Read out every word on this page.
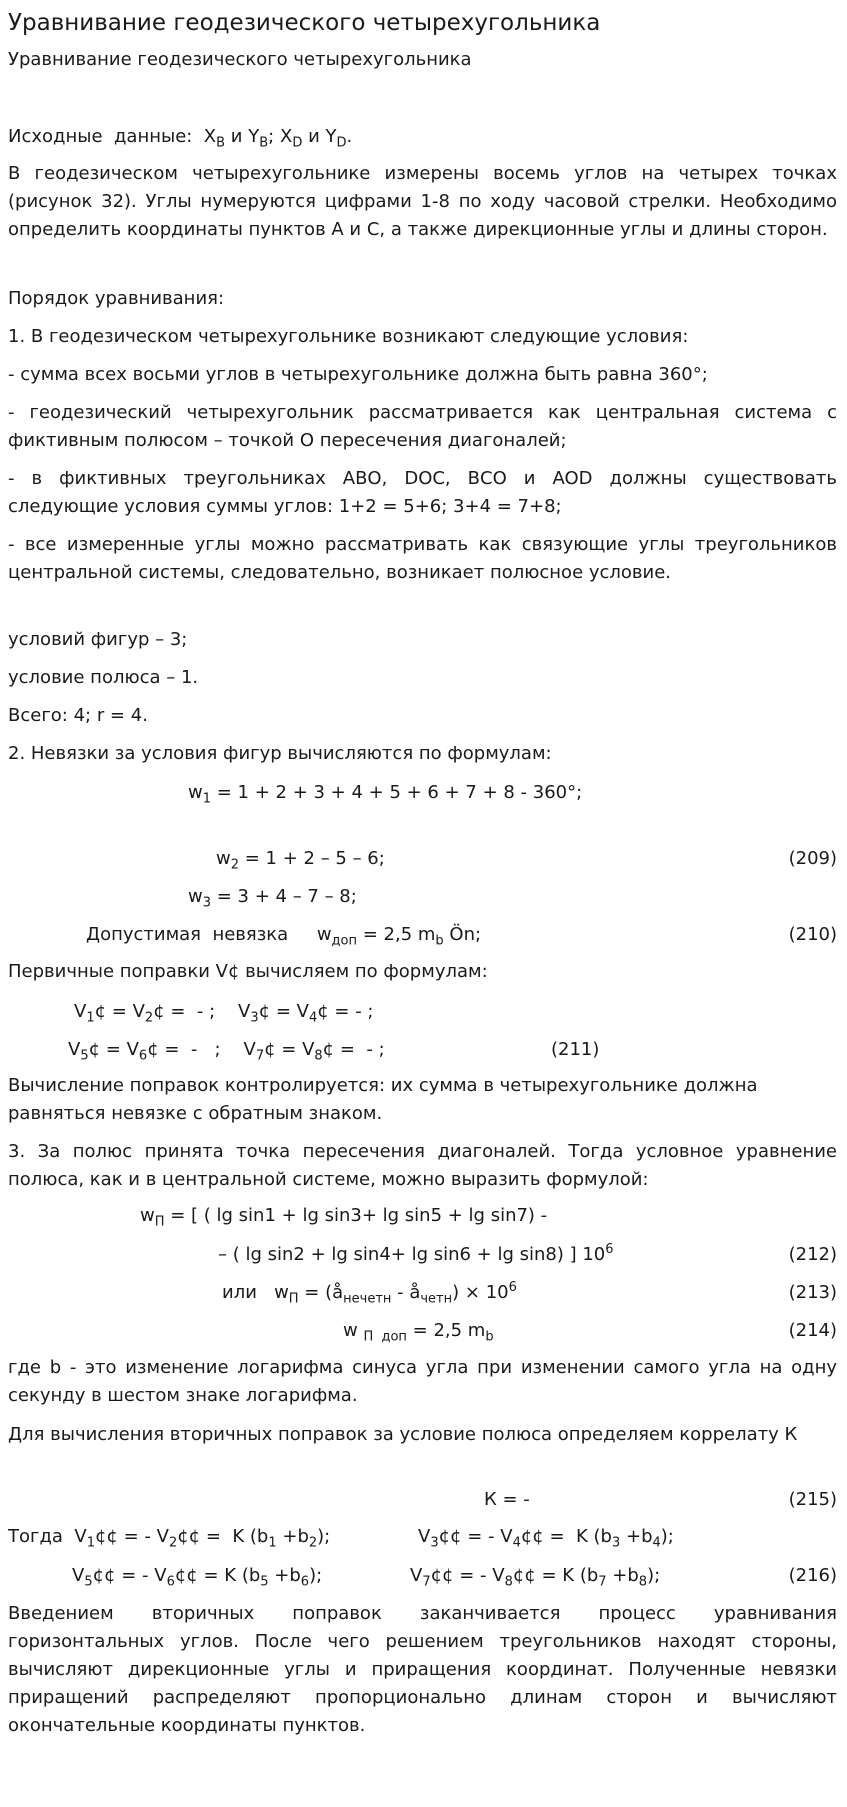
Уравнивание геодезического четырехугольника
Уравнивание геодезического четырехугольника
Исходные  данные: $X_B$ и $Y_B$; $X_D$ и $Y_D$.

В геодезическом четырехугольнике измерены восемь углов на четырех точках (рисунок 32). Углы нумеруются цифрами 1-8 по ходу часовой стрелки. Необходимо определить координаты пунктов А и С, а также дирекционные углы и длины сторон.

Порядок уравнивания:

1. В геодезическом четырехугольнике возникают следующие условия:

- сумма всех восьми углов в четырехугольнике должна быть равна 360°;

- геодезический четырехугольник рассматривается как центральная система с фиктивным полюсом – точкой О пересечения диагоналей;

- в фиктивных треугольниках АВО, DOC, ВСО и AOD должны существовать следующие условия суммы углов: 1+2 = 5+6; 3+4 = 7+8;

- все измеренные углы можно рассматривать как связующие углы треугольников центральной системы, следовательно, возникает полюсное условие.

условий фигур – 3;

условие полюса – 1.

Всего: 4; r = 4.

2. Невязки за условия фигур вычисляются по формулам:

$w_1 = 1 + 2 + 3 + 4 + 5 + 6 + 7 + 8 - 360^\circ$;
$w_2 = 1 + 2 - 5 - 6$;	(209)
$w_3 = 3 + 4 - 7 - 8$;
Допустимая  невязка     $w_{доп} = 2,5$ $m_b$ Ön;	(210)

Первичные поправки V¢ вычисляем по формулам:

$V_1¢$ = $V_2¢$ =  - ;    $V_3¢$ = $V_4¢$ = - ;
$V_5¢$ = $V_6¢$ =  -   ;    $V_7¢$ = $V_8¢$ =  - ;	(211)

Вычисление поправок контролируется: их сумма в четырехугольнике должна равняться невязке с обратным знаком.

3. За полюс принята точка пересечения диагоналей. Тогда условное уравнение полюса, как и в центральной системе, можно выразить формулой:

$w_П$ = [ ( lg sin1 + lg sin3+ lg sin5 + lg sin7) -
– ( lg sin2 + lg sin4+ lg sin6 + lg sin8) ] $10^6$	(212)
или   $w_П$ = ($å_{нечетн}$ - $å_{четн}) \times 10^6$	(213)
w $_{П доп}$ = 2,5 $m_b$	(214)

где b - это изменение логарифма синуса угла при изменении самого угла на одну секунду в шестом знаке логарифма.

Для вычисления вторичных поправок за условие полюса определяем коррелату К

К = -	(215)
Тогда  $V_1¢¢$ = - $V_2¢¢ = K$ $(b_1 +b_2)$;	$V_3¢¢$ = - $V_4¢¢ = K$ $(b_3 +b_4)$;
$V_5¢¢$ = - $V_6¢¢ = K$ $(b_5 +b_6)$;	$V_7¢¢$ = - $V_8¢¢ = K$ $(b_7 +b_8)$;	(216)

Введением вторичных поправок заканчивается процесс уравнивания горизонтальных углов. После чего решением треугольников находят стороны, вычисляют дирекционные углы и приращения координат. Полученные невязки приращений распределяют пропорционально длинам сторон и вычисляют окончательные координаты пунктов.
